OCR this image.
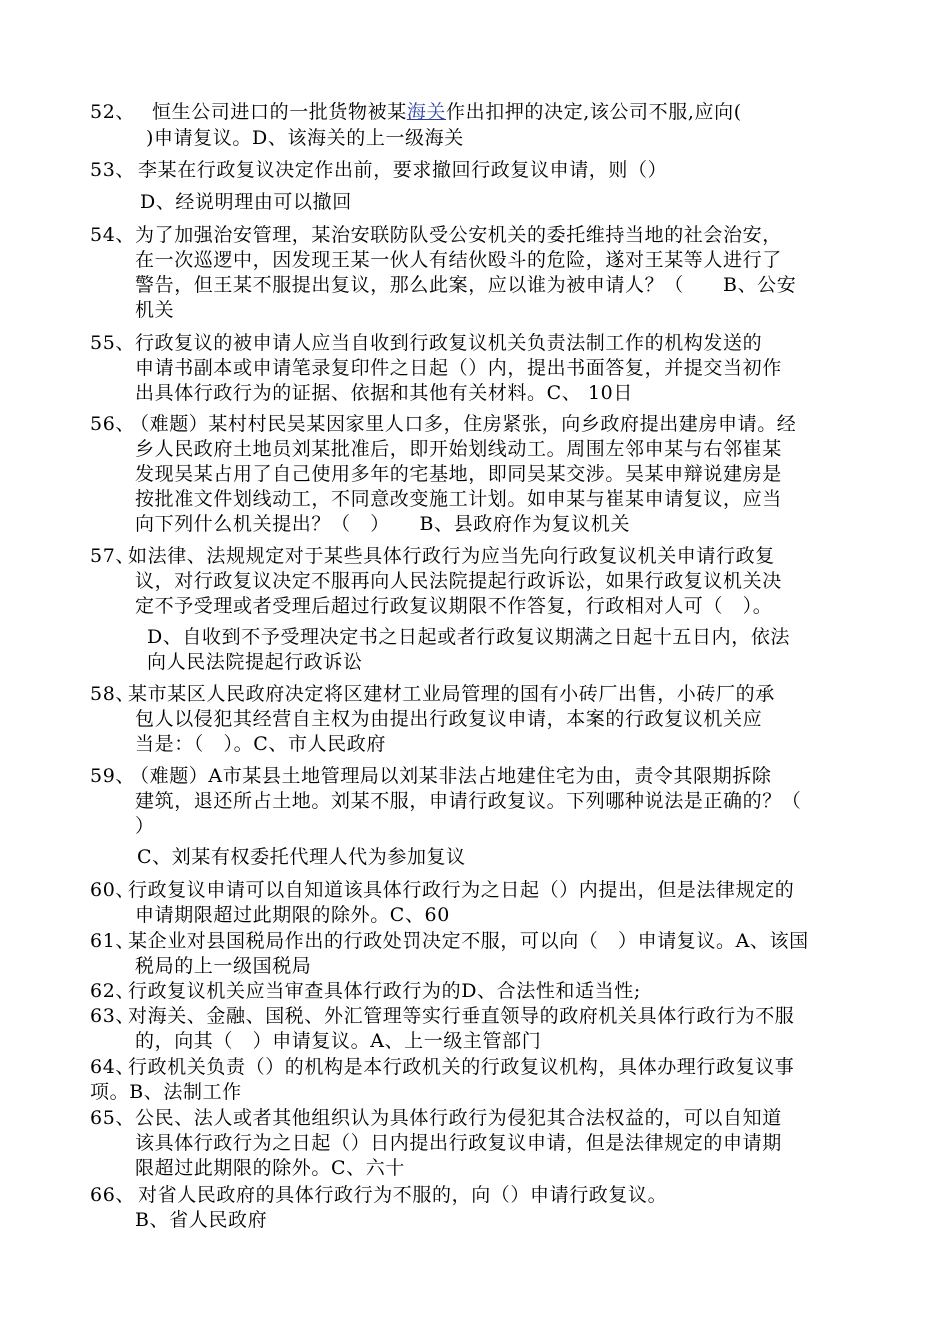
52、 恒生公司进口的一批货物被某海关作出扣押的决定,该公司不服,应向(
)申请复议。D、该海关的上一级海关
53、 李某在行政复议决定作出前，要求撤回行政复议申请，则（）
D、经说明理由可以撤回
54、 为了加强治安管理，某治安联防队受公安机关的委托维持当地的社会治安，
在一次巡逻中，因发现王某一伙人有结伙殴斗的危险，遂对王某等人进行了
警告，但王某不服提出复议，那么此案，应以谁为被申请人？（　　B、公安
机关
55、 行政复议的被申请人应当自收到行政复议机关负责法制工作的机构发送的
申请书副本或申请笔录复印件之日起（）内，提出书面答复，并提交当初作
出具体行政行为的证据、依据和其他有关材料。C、 10日
56、
（难题）某村村民吴某因家里人口多，住房紧张，向乡政府提出建房申请。经
乡人民政府土地员刘某批准后，即开始划线动工。周围左邻申某与右邻崔某
发现吴某占用了自己使用多年的宅基地，即同吴某交涉。吴某申辩说建房是
按批准文件划线动工，不同意改变施工计划。如申某与崔某申请复议，应当
向下列什么机关提出？（　）　　B、县政府作为复议机关
57、
如法律、法规规定对于某些具体行政行为应当先向行政复议机关申请行政复
议，对行政复议决定不服再向人民法院提起行政诉讼，如果行政复议机关决
定不予受理或者受理后超过行政复议期限不作答复，行政相对人可（　）。
D、自收到不予受理决定书之日起或者行政复议期满之日起十五日内，依法
向人民法院提起行政诉讼
58、
某市某区人民政府决定将区建材工业局管理的国有小砖厂出售，小砖厂的承
包人以侵犯其经营自主权为由提出行政复议申请，本案的行政复议机关应
当是：（　）。C、市人民政府
59、
（难题）A市某县土地管理局以刘某非法占地建住宅为由，责令其限期拆除
建筑，退还所占土地。刘某不服，申请行政复议。下列哪种说法是正确的？（
）
C、刘某有权委托代理人代为参加复议
60、
行政复议申请可以自知道该具体行政行为之日起（）内提出，但是法律规定的
申请期限超过此期限的除外。C、60
61、
某企业对县国税局作出的行政处罚决定不服，可以向（　）申请复议。A、该国
税局的上一级国税局
62、
行政复议机关应当审查具体行政行为的D、合法性和适当性;
63、
对海关、金融、国税、外汇管理等实行垂直领导的政府机关具体行政行为不服
的，向其（　）申请复议。A、上一级主管部门
64、
行政机关负责（）的机构是本行政机关的行政复议机构，具体办理行政复议事
项。B、法制工作
65、 公民、法人或者其他组织认为具体行政行为侵犯其合法权益的，可以自知道
该具体行政行为之日起（）日内提出行政复议申请，但是法律规定的申请期
限超过此期限的除外。C、六十
66、 对省人民政府的具体行政行为不服的，向（）申请行政复议。
B、省人民政府
